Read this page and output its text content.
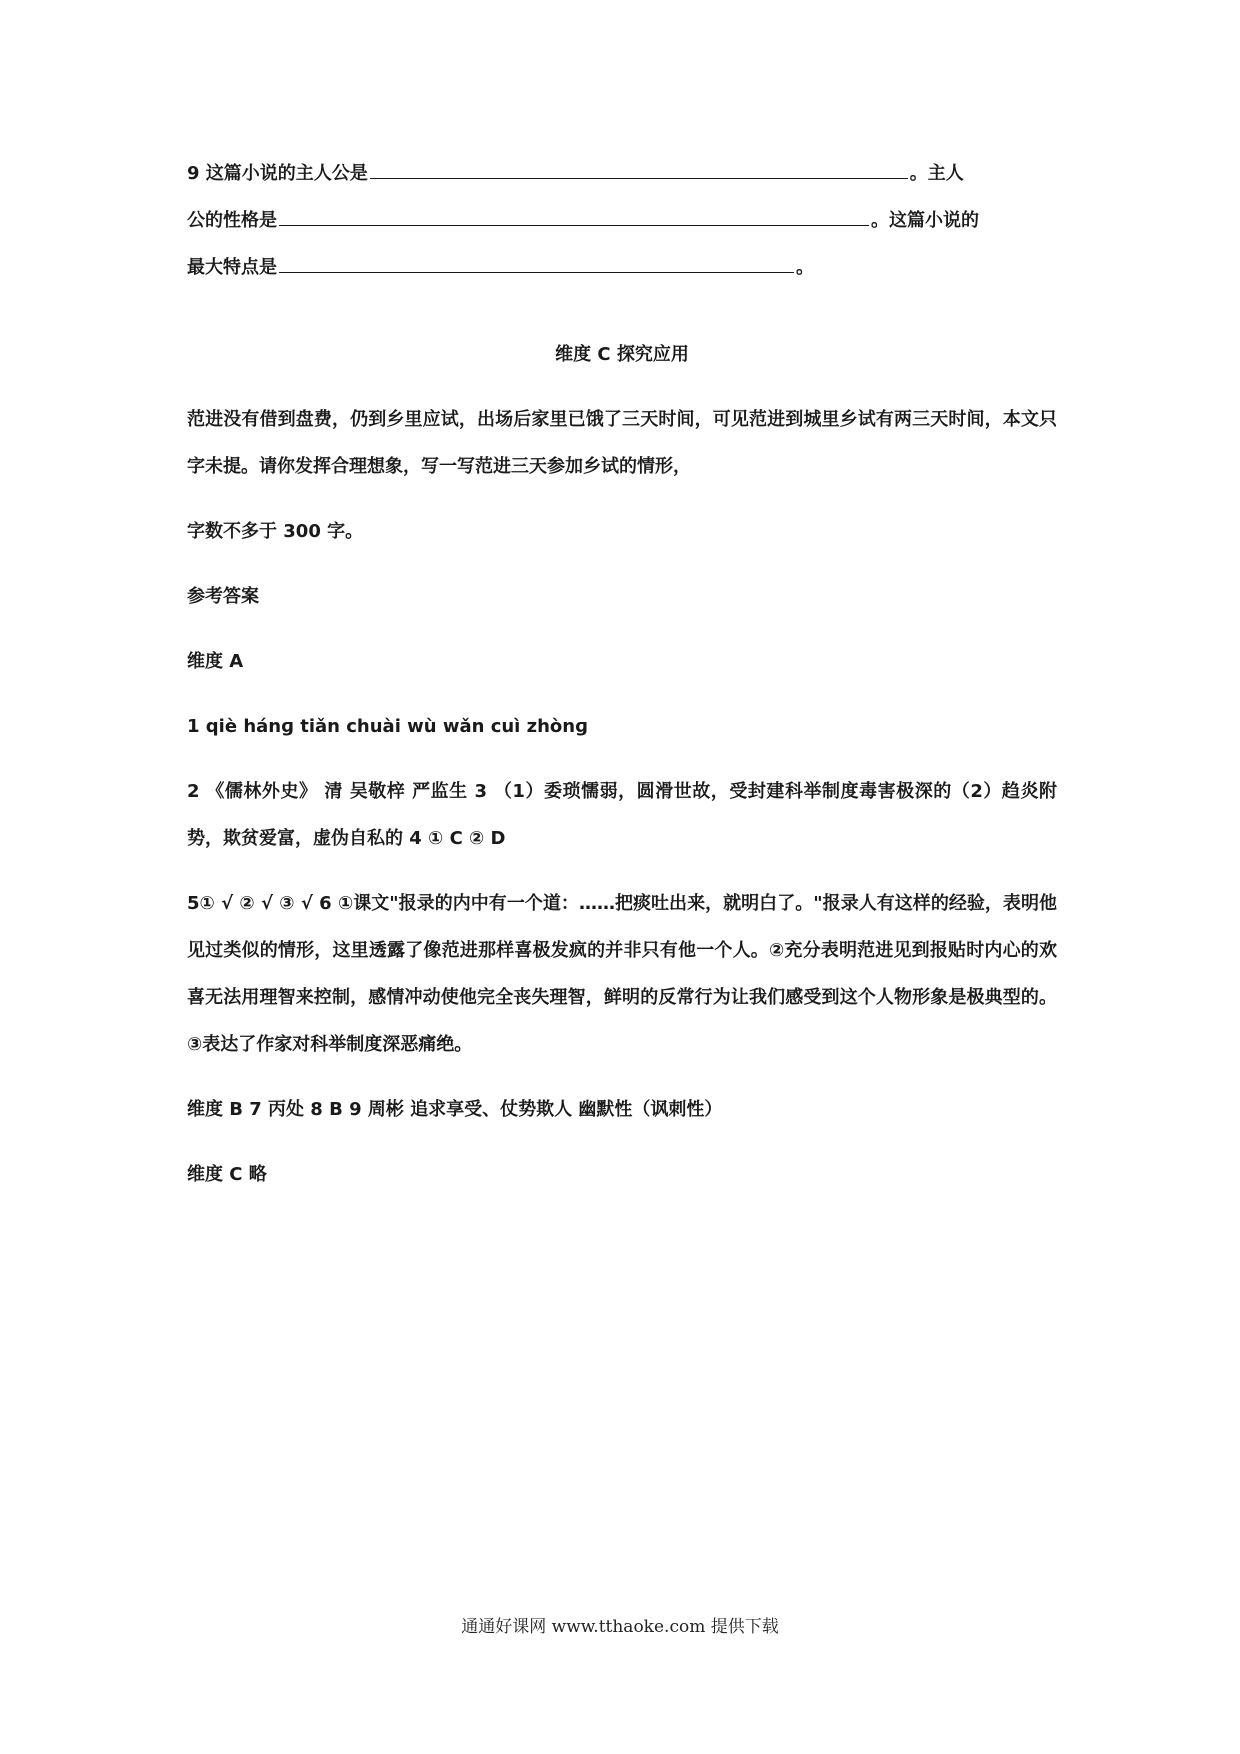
9 这篇小说的主人公是	。主人
公的性格是	。这篇小说的
最大特点是	。
维度 C 探究应用
范进没有借到盘费，仍到乡里应试，出场后家里已饿了三天时间，可见范进到城里乡试有两三天时间，本文只字未提。请你发挥合理想象，写一写范进三天参加乡试的情形，
字数不多于 300 字。
参考答案
维度 A
1 qiè hánɡ tiǎn chuài wù wǎn cuì zhònɡ
2 《儒林外史》 清 吴敬梓 严监生 3 （1）委琐懦弱，圆滑世故，受封建科举制度毒害极深的（2）趋炎附势，欺贫爱富，虚伪自私的 4 ① C ② D
5① √ ② √ ③ √ 6 ①课文"报录的内中有一个道：……把痰吐出来，就明白了。"报录人有这样的经验，表明他见过类似的情形，这里透露了像范进那样喜极发疯的并非只有他一个人。②充分表明范进见到报贴时内心的欢喜无法用理智来控制，感情冲动使他完全丧失理智，鲜明的反常行为让我们感受到这个人物形象是极典型的。③表达了作家对科举制度深恶痛绝。
维度 B 7 丙处 8 B 9 周彬 追求享受、仗势欺人 幽默性（讽刺性）
维度 C 略
通通好课网 www.tthaoke.com 提供下载
